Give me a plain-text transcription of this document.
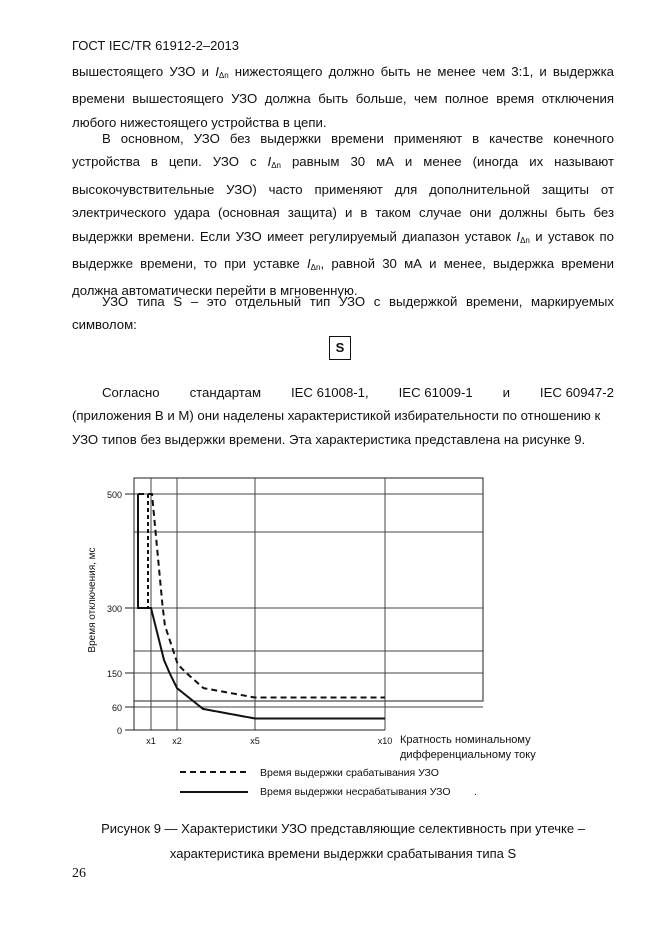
ГОСТ IEC/TR 61912-2–2013

вышестоящего УЗО и $I_{\Delta n}$ нижестоящего должно быть не менее чем 3:1, и выдержка времени вышестоящего УЗО должна быть больше, чем полное время отключения любого нижестоящего устройства в цепи.

В основном, УЗО без выдержки времени применяют в качестве конечного устройства в цепи. УЗО с $I_{\Delta n}$ равным 30 мА и менее (иногда их называют высокочувствительные УЗО) часто применяют для дополнительной защиты от электрического удара (основная защита) и в таком случае они должны быть без выдержки времени. Если УЗО имеет регулируемый диапазон уставок $I_{\Delta n}$ и уставок по выдержке времени, то при уставке $I_{\Delta n}$, равной 30 мА и менее, выдержка времени должна автоматически перейти в мгновенную.

УЗО типа S – это отдельный тип УЗО с выдержкой времени, маркируемых символом:

S
Согласно стандартам IEC 61008-1, IEC 61009-1 и IEC 60947-2

(приложения В и М) они наделены характеристикой избирательности по отношению к

УЗО типов без выдержки времени. Эта характеристика представлена на рисунке 9.

0
60
150
300
500
x1 x2	x5	x10
Время отключения, мс
Кратность номинальному
дифференциальному току
Время выдержки срабатывания УЗО
Время выдержки несрабатывания УЗО .
Рисунок 9 — Характеристики УЗО представляющие селективность при утечке –
характеристика времени выдержки срабатывания типа S
26
